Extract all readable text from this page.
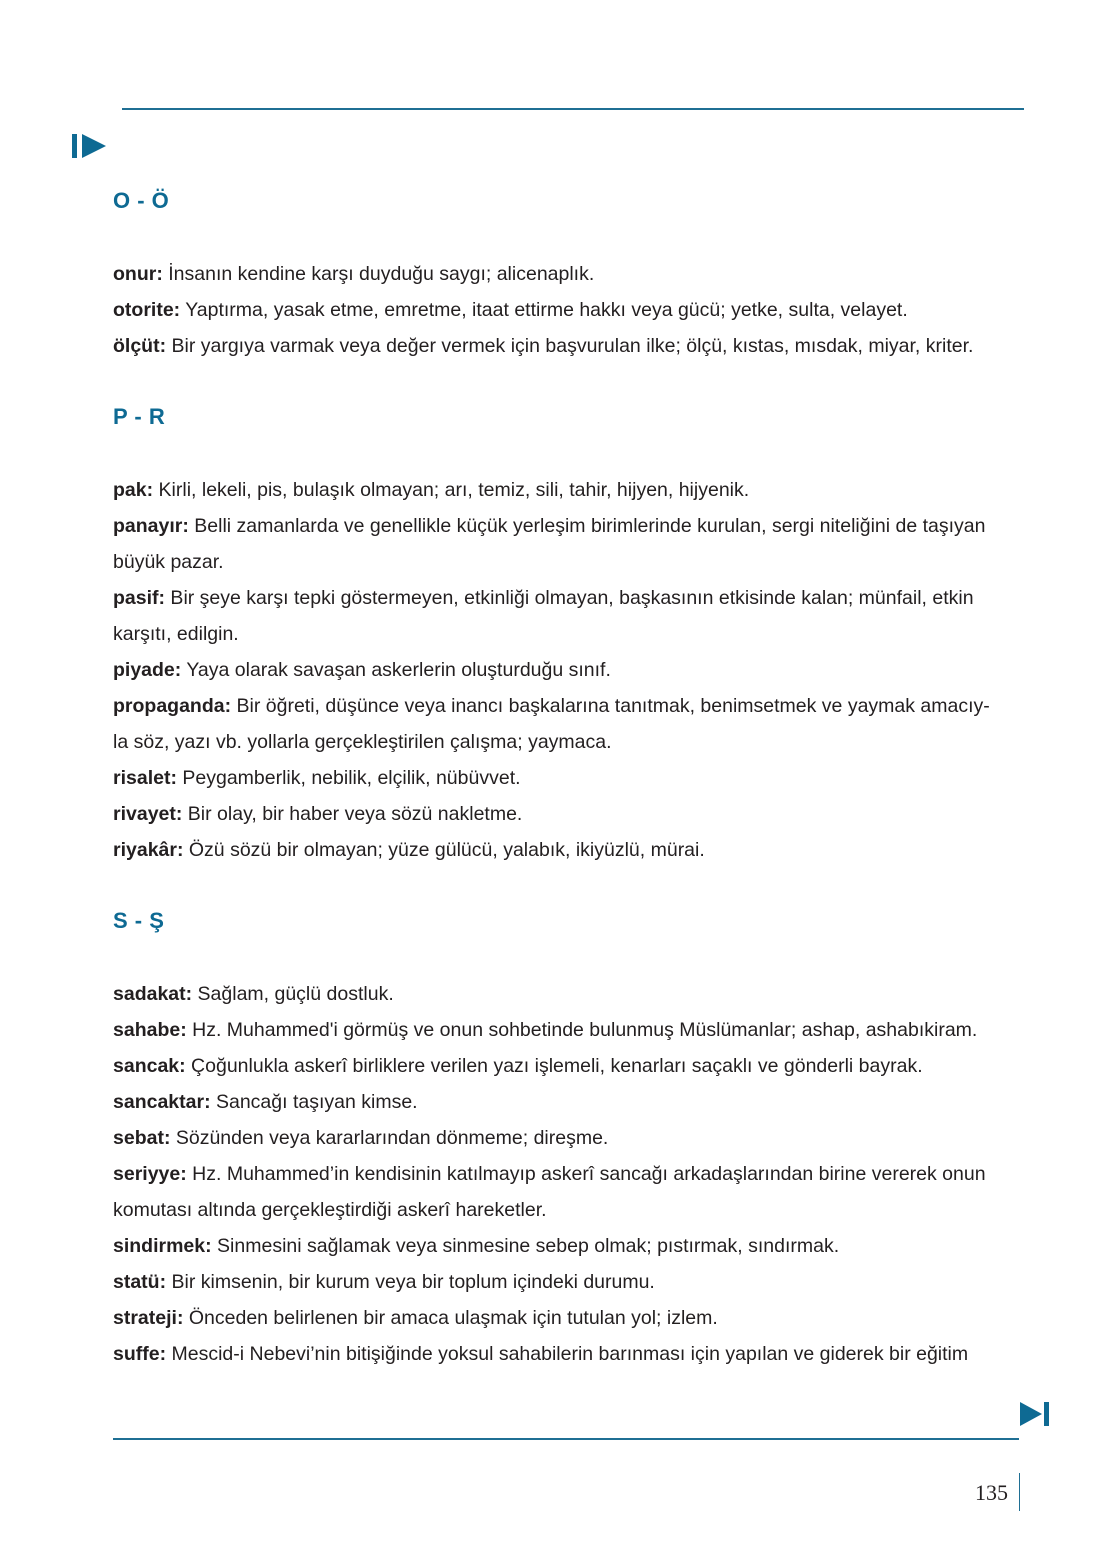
O - Ö
onur: İnsanın kendine karşı duyduğu saygı; alicenaplık.
otorite: Yaptırma, yasak etme, emretme, itaat ettirme hakkı veya gücü; yetke, sulta, velayet.
ölçüt: Bir yargıya varmak veya değer vermek için başvurulan ilke; ölçü, kıstas, mısdak, miyar, kriter.
P - R
pak: Kirli, lekeli, pis, bulaşık olmayan; arı, temiz, sili, tahir, hijyen, hijyenik.
panayır: Belli zamanlarda ve genellikle küçük yerleşim birimlerinde kurulan, sergi niteliğini de taşıyan
büyük pazar.
pasif: Bir şeye karşı tepki göstermeyen, etkinliği olmayan, başkasının etkisinde kalan; münfail, etkin
karşıtı, edilgin.
piyade: Yaya olarak savaşan askerlerin oluşturduğu sınıf.
propaganda: Bir öğreti, düşünce veya inancı başkalarına tanıtmak, benimsetmek ve yaymak amacıy-
la söz, yazı vb. yollarla gerçekleştirilen çalışma; yaymaca.
risalet: Peygamberlik, nebilik, elçilik, nübüvvet.
rivayet: Bir olay, bir haber veya sözü nakletme.
riyakâr: Özü sözü bir olmayan; yüze gülücü, yalabık, ikiyüzlü, mürai.
S - Ş
sadakat: Sağlam, güçlü dostluk.
sahabe: Hz. Muhammed'i görmüş ve onun sohbetinde bulunmuş Müslümanlar; ashap, ashabıkiram.
sancak: Çoğunlukla askerî birliklere verilen yazı işlemeli, kenarları saçaklı ve gönderli bayrak.
sancaktar: Sancağı taşıyan kimse.
sebat: Sözünden veya kararlarından dönmeme; direşme.
seriyye: Hz. Muhammed’in kendisinin katılmayıp askerî sancağı arkadaşlarından birine vererek onun
komutası altında gerçekleştirdiği askerî hareketler.
sindirmek: Sinmesini sağlamak veya sinmesine sebep olmak; pıstırmak, sındırmak.
statü: Bir kimsenin, bir kurum veya bir toplum içindeki durumu.
strateji: Önceden belirlenen bir amaca ulaşmak için tutulan yol; izlem.
suffe: Mescid-i Nebevi’nin bitişiğinde yoksul sahabilerin barınması için yapılan ve giderek bir eğitim
135
